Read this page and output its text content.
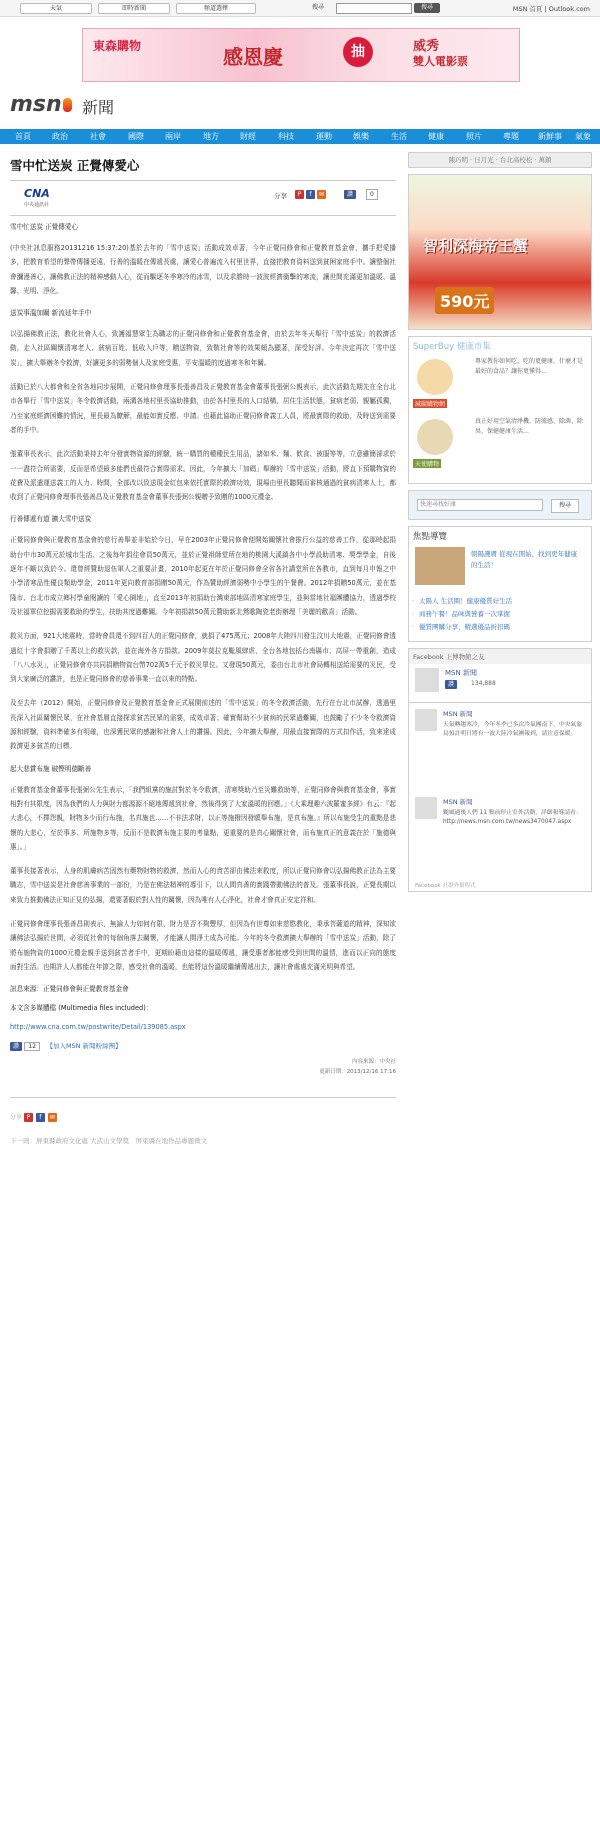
天氣	即時新聞	頻道選擇	搜尋	搜尋	MSN 首頁 | Outlook.com
東森購物	感恩慶	抽	威秀
雙人電影票
msn	新聞
首頁	政治	社會	國際	兩岸	地方	財經	科技	運動	娛樂	生活	健康	照片	專題	新鮮事	氣象
雪中忙送炭 正覺傳愛心
CNA
中央通訊社
分享	P	f	✉	讚	0
雪中忙送炭 正覺傳愛心
(中央社訊息服務20131216 15:37:20)基於去年的「雪中送炭」活動成效卓著，今年正覺同修會和正覺教育基金會，攜手把愛播多，把教育希望的聲帶傳播更遠，行善的溫暖在傳遞長處，讓愛心普遍流入村里世界，直接把教育資料送到貧困家庭手中。讓整個社會瀰漫善心，讓佛教正法的精神感動人心，從而驅逐冬季寒冷的冰雪，以及求勝時一波波經濟衝擊的寒流，讓世間充滿更加溫暖、溫馨、光明、淨化。
送炭事溫加關 新流延年手中
以弘揚佛教正法，教化社會人心，致護福慧眾生為職志的正覺同修會和正覺教育基金會，由於去年冬天舉行「雪中送炭」的救濟活動，走入社區關懷清寒老人、貧病百姓、低收入戶等，贈送物資，致敬社會等的效果頗為顯著，深受好評。今年決定再次「雪中送炭」，擴大舉辦冬令救濟，好讓更多的弱勢個人及家庭受惠，平安溫暖的度過寒冬和年關。
活動已於八大都會和全省各地同步展開，正覺同修會理事長張善昌及正覺教育基金會董事長張弼公親表示，此次活動先期先在全台北市各舉行「雪中送炭」冬令救濟活動，兩溝各地村里長協助推動，由於各村里長的人口結構，居住生活狀態，貧病老弱、親屬孤獨，乃至家庭經濟困難的情況，里長最為瞭解，最能如實反應、申請。也藉此協助正覺同修會義工人員，將最實際的救助，及時送到需要者的手中。
張董事長表示，此次活動秉持去年分發實物資源的經驗，統一購買的種種民生用品，諸如米、麵、飲食、被服等等，立意雖簡卻求於一一盡符合所需要，反而是希望最多能們也最符合實際需求。因此，今年擴大「加碼」舉辦的「雪中送炭」活動，將直下預購物資的花費及派遣運送義工的人力、時間，全部改以致送現金紅包來依托實際的救濟功效，現場由里長聽聞而審核通過的貧病清寒人士，都收到了正覺同修會理事長張善昌及正覺教育基金會董事長張弼公親贈予致贈的1000元禮金。
行善傳遞有道 擴大雪中送炭
正覺同修會與正覺教育基金會的慈行善舉並非始於今日，早在2003年正覺同修會便開始關懷社會推行公益的慈善工作，從那時起捐助台中市30萬元於城市生活、之後每年捐往會員50萬元，並於正覺祖師堂所在地的桃園大溪鎮各中小學設助清寒、獎學學金，自後逐年不斷以致於今。還曾經贊助退伍軍人之重要計畫，2010年起更在年於正覺同修會全省各社講堂所在各教市，直到每月申報之中小學清寒品性優良類助學金，2011年更向教育部捐贈50萬元，作為贊助經濟弱勢中小學生的午餐費。2012年捐贈50萬元，並在基隆市、台北市成立鄉村學童閱讀的「愛心園地」，直至2013年初捐助台灣東部地區清寒家庭學生，並與當地社福團體協力，透過學校及社福單位挖掘需要救助的學生，扶助其度過難關。今年初捐款50萬元贊助新北鶯歌陶瓷老街辦理「美麗的歡喜」活動。
救災方面，921大地震時，當時會員還不到四百人的正覺同修會，就捐了475萬元；2008年大陸四川發生汶川大地震，正覺同修會透過紅十字會捐贈了千萬以上的救災款，並在海外各方捐款。2009年莫拉克颱風肆虐，全台各地包括台南縣市、高屏一帶重創，造成「八八水災」，正覺同修會亦共同捐贈物資台幣702萬5千元予救災單位。又發現50萬元，委由台北市社會局轉相送給需要的災民，受到大家廣泛的讚許，也是正覺同修會的慈善事業一直以來的特點。
及至去年（2012）開始，正覺同修會及正覺教育基金會正式展開前述的「雪中送炭」的冬令救濟活動，先行在台北市試辦，透過里長深入社區關懷民眾，在社會基層直接探求貧苦民眾的需要，成效卓著；確實幫助不少貧病的民眾過難關，也鼓勵了不少冬令救濟資源和經驗，資料準確多有明確，也深獲民眾的感謝和社會人士的讚揚。因此，今年擴大舉辦，用最直接實際的方式扣作活，致來達成救濟更多貧苦的目標。
起大悲賞布施 破慳明德斷善
正覺教育基金會董事長張弼公先生表示，「我們組黨的施討對於冬令救濟，清寒獎助乃至災難救助等，正覺同修會與教育基金會，事實相對有其限度，因為我們的人力與財力都源源不絕地傳遞到社會，然後得到了大家溫暖的回應。」《大乘理趣六波羅蜜多經》有云：『起大悲心，不擇怨親，財物多少而行布施，名真施也……不非法求財，以正等施撥因發願舉布施，是真布施。』所以布施受生的重點是悲懷的大悲心，至於事多、所施物多等，反而不是救濟布施主要的考量點，更重要的是真心關懷社會，而布施真正的意義在於「施德與惠」。」
董事長接著表示，人身的肌膚病苦固然有藥物財物的救濟，然而人心的貪苦卻由佛法來救度，所以正覺同修會以弘揚佛教正法為主要職志，雪中送炭是社會慈善事業的一部份，乃是在佛法精神的導引下，以人間真善的實踐帶動佛法的普及。張董事長說，正覺長期以來致力推動佛法正知正見的弘揚，還要著眼於對人性的關懷，因為唯有人心淨化，社會才會真正安定祥和。
正覺同修會理事長張善昌則表示，無論人力如何有限，財力是否不夠豐厚，但因為有世尊如來慈愍教化，秉承菩薩道的精神，深知欲讓佛法弘揚於世間，必須從社會的每個角落去關懷，才能讓人間淨土成為可能。今年的冬令救濟擴大舉辦的「雪中送炭」活動，除了將布施物資的1000元禮金親手送到貧苦者手中，更期盼藉由這樣的溫暖傳遞，讓受惠者都能感受到世間的溫情，進而以正向的態度面對生活。也期許人人都能在年節之際，感受社會的溫暖，也能將這份溫暖繼續傳遞出去，讓社會處處充滿光明與希望。
訊息來源：正覺同修會與正覺教育基金會
本文含多媒體檔 (Multimedia files included)：
http://www.cna.com.tw/postwrite/Detail/139085.aspx
讚 12 【加入MSN 新聞粉絲團】
內容來源：中央社
更新日期：2013/12/16 17:16
分享 P f ✉
下一則：屏東縣政府文化處 大武山文學獎　屏東縣在地作品專題徵文
陳巧明 · 日月光 · 台北高校松 · 萬鎮
智利深海帝王蟹
590元
SuperBuy 健康市集
減碳購物網
專家教你如何吃，吃的更健康、什麼才是最好的食品？讓你更懂得…
天使購物
真正好用空氣清淨機、防流感、除菌、除臭、保健健康生活…
快速尋找好康
搜尋
焦點導覽
朝陽護膚 從現在開始，找到更年健康的生活！
· 太陽人 生活圈！健康優質好生活
· 商務午餐！品味與營養一次掌握
· 優質團購分享、精選優品折扣碼
Facebook 上博物館之友
MSN 新聞
讚	134,888
MSN 新聞
天氣轉趨寒冷，今年冬季已多次冷氣團南下，中央氣象局預計明日將有一波大陸冷氣團報到，請注意保暖。
MSN 新聞
颱風過後人們 11 點前停止室外活動，詳細報導請看：http://news.msn.com.tw/news3470047.aspx
Facebook 社群外掛程式
